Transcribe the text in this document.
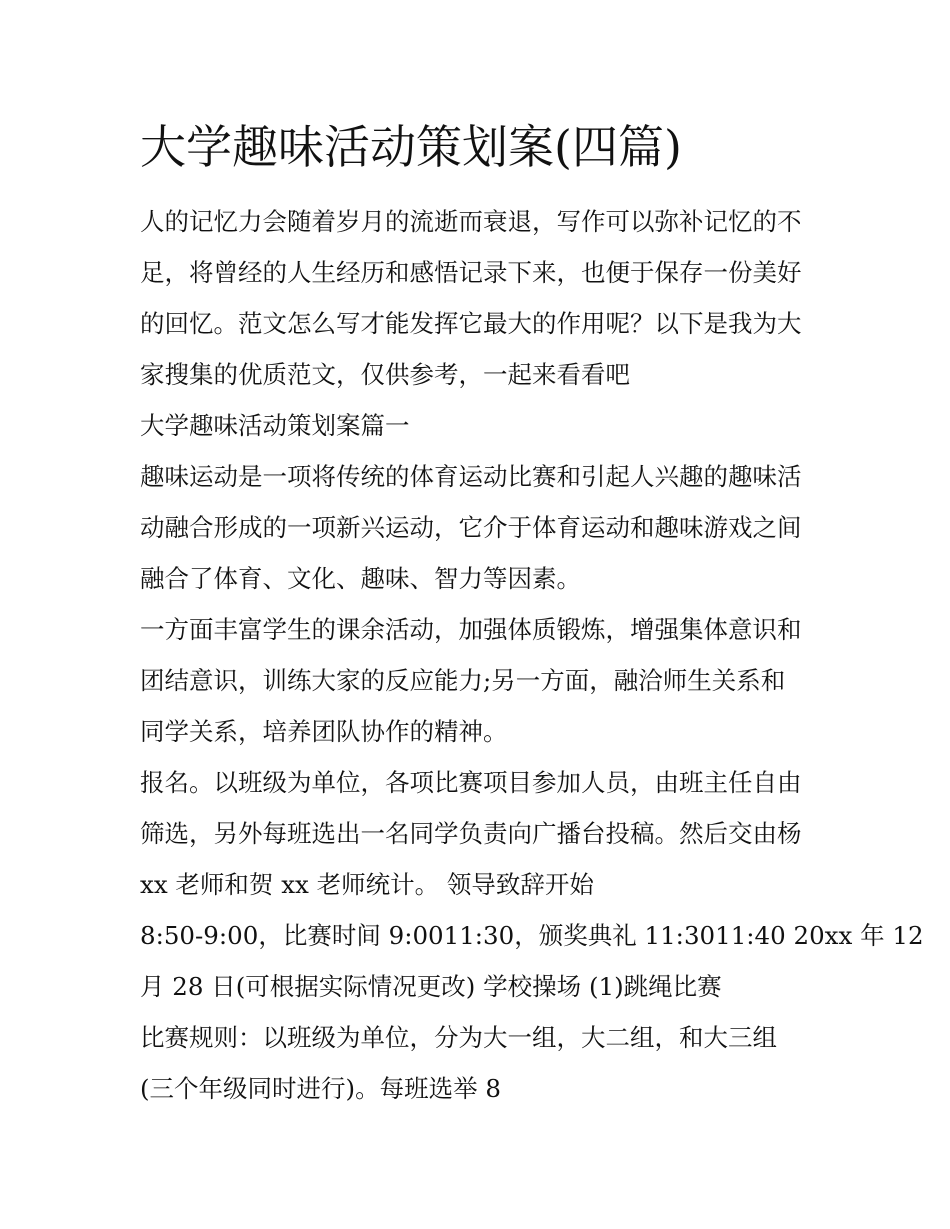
大学趣味活动策划案(四篇)

人的记忆力会随着岁月的流逝而衰退，写作可以弥补记忆的不

足，将曾经的人生经历和感悟记录下来，也便于保存一份美好

的回忆。范文怎么写才能发挥它最大的作用呢？以下是我为大

家搜集的优质范文，仅供参考，一起来看看吧

大学趣味活动策划案篇一

趣味运动是一项将传统的体育运动比赛和引起人兴趣的趣味活

动融合形成的一项新兴运动，它介于体育运动和趣味游戏之间

融合了体育、文化、趣味、智力等因素。

一方面丰富学生的课余活动，加强体质锻炼，增强集体意识和

团结意识，训练大家的反应能力;另一方面，融洽师生关系和

同学关系，培养团队协作的精神。

报名。以班级为单位，各项比赛项目参加人员，由班主任自由

筛选，另外每班选出一名同学负责向广播台投稿。然后交由杨

xx 老师和贺 xx 老师统计。 领导致辞开始

8:50-9:00，比赛时间 9:0011:30，颁奖典礼 11:3011:40 20xx 年 12

月 28 日(可根据实际情况更改) 学校操场 (1)跳绳比赛

比赛规则：以班级为单位，分为大一组，大二组，和大三组

(三个年级同时进行)。每班选举 8
